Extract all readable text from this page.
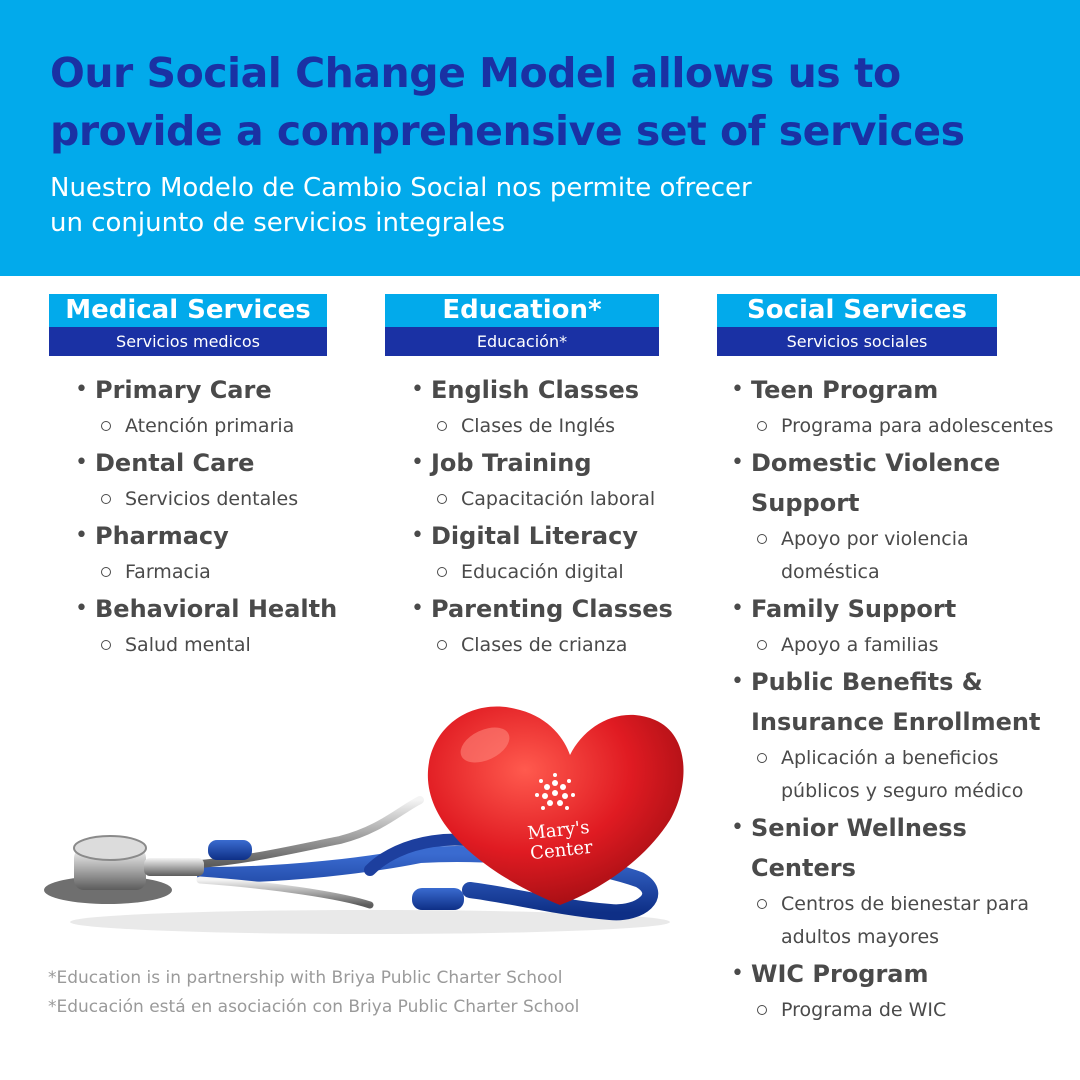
Our Social Change Model allows us to
provide a comprehensive set of services
Nuestro Modelo de Cambio Social nos permite ofrecer
un conjunto de servicios integrales
Medical Services
Servicios medicos
Education*
Educación*
Social Services
Servicios sociales
• Primary Care
Atención primaria
• Dental Care
Servicios dentales
• Pharmacy
Farmacia
• Behavioral Health
Salud mental
• English Classes
Clases de Inglés
• Job Training
Capacitación laboral
• Digital Literacy
Educación digital
• Parenting Classes
Clases de crianza
• Teen Program
Programa para adolescentes
• Domestic Violence
Support
Apoyo por violencia
doméstica
• Family Support
Apoyo a familias
• Public Benefits &
Insurance Enrollment
Aplicación a beneficios
públicos y seguro médico
• Senior Wellness
Centers
Centros de bienestar para
adultos mayores
• WIC Program
Programa de WIC
Mary's
Center
*Education is in partnership with Briya Public Charter School
*Educación está en asociación con Briya Public Charter School
